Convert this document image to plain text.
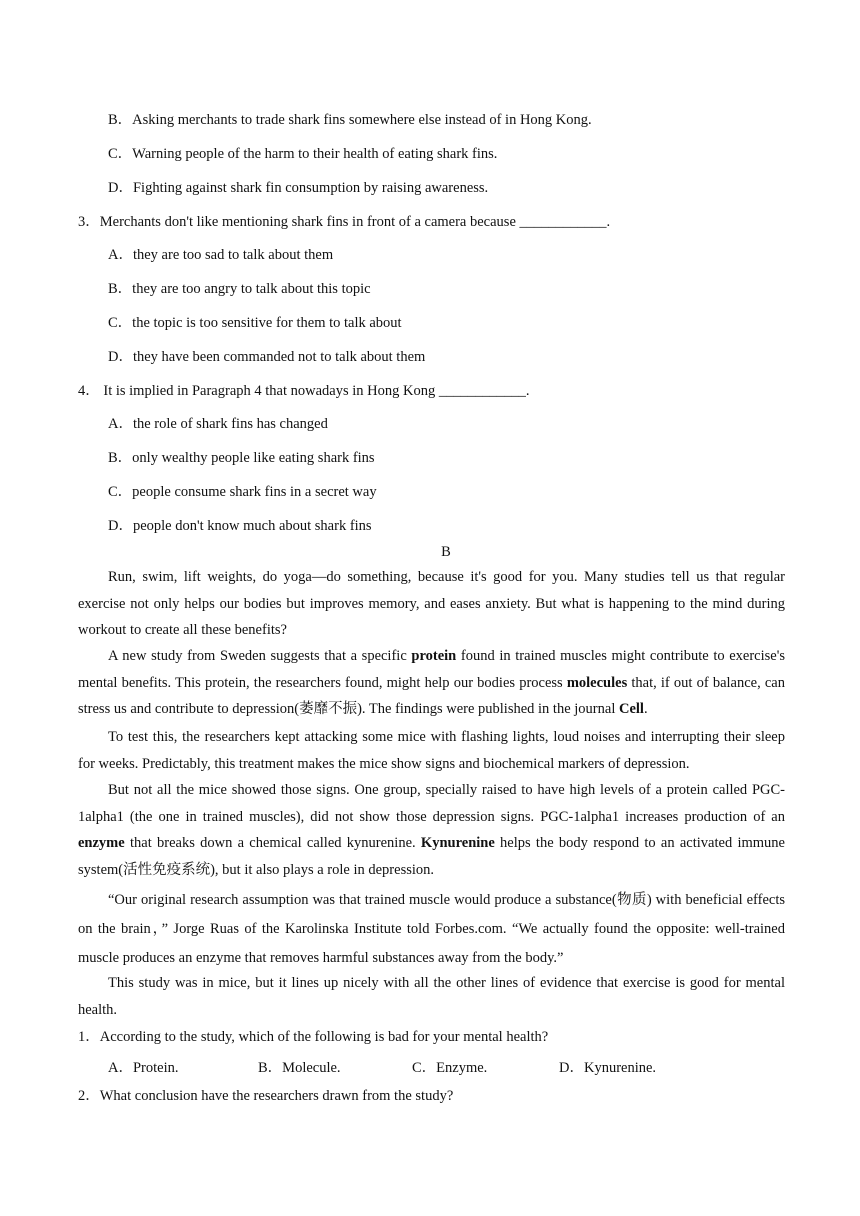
B．Asking merchants to trade shark fins somewhere else instead of in Hong Kong.
C．Warning people of the harm to their health of eating shark fins.
D．Fighting against shark fin consumption by raising awareness.
3．Merchants don't like mentioning shark fins in front of a camera because ____________.
A．they are too sad to talk about them
B．they are too angry to talk about this topic
C．the topic is too sensitive for them to talk about
D．they have been commanded not to talk about them
4． It is implied in Paragraph 4 that nowadays in Hong Kong ____________.
A．the role of shark fins has changed
B．only wealthy people like eating shark fins
C．people consume shark fins in a secret way
D．people don't know much about shark fins
B
Run, swim, lift weights, do yoga—do something, because it's good for you. Many studies tell us that regular exercise not only helps our bodies but improves memory, and eases anxiety. But what is happening to the mind during workout to create all these benefits?
A new study from Sweden suggests that a specific protein found in trained muscles might contribute to exercise's mental benefits. This protein, the researchers found, might help our bodies process molecules that, if out of balance, can stress us and contribute to depression(萎靡不振). The findings were published in the journal Cell.
To test this, the researchers kept attacking some mice with flashing lights, loud noises and interrupting their sleep for weeks. Predictably, this treatment makes the mice show signs and biochemical markers of depression.
But not all the mice showed those signs. One group, specially raised to have high levels of a protein called PGC-1alpha1 (the one in trained muscles), did not show those depression signs. PGC-1alpha1 increases production of an enzyme that breaks down a chemical called kynurenine. Kynurenine helps the body respond to an activated immune system(活性免疫系统), but it also plays a role in depression.
“Our original research assumption was that trained muscle would produce a substance(物质) with beneficial effects on the brain，” Jorge Ruas of the Karolinska Institute told Forbes.com. “We actually found the opposite: well-trained muscle produces an enzyme that removes harmful substances away from the body.”
This study was in mice, but it lines up nicely with all the other lines of evidence that exercise is good for mental health.
1．According to the study, which of the following is bad for your mental health?
A．Protein.	B．Molecule.	C．Enzyme.	D．Kynurenine.
2．What conclusion have the researchers drawn from the study?
